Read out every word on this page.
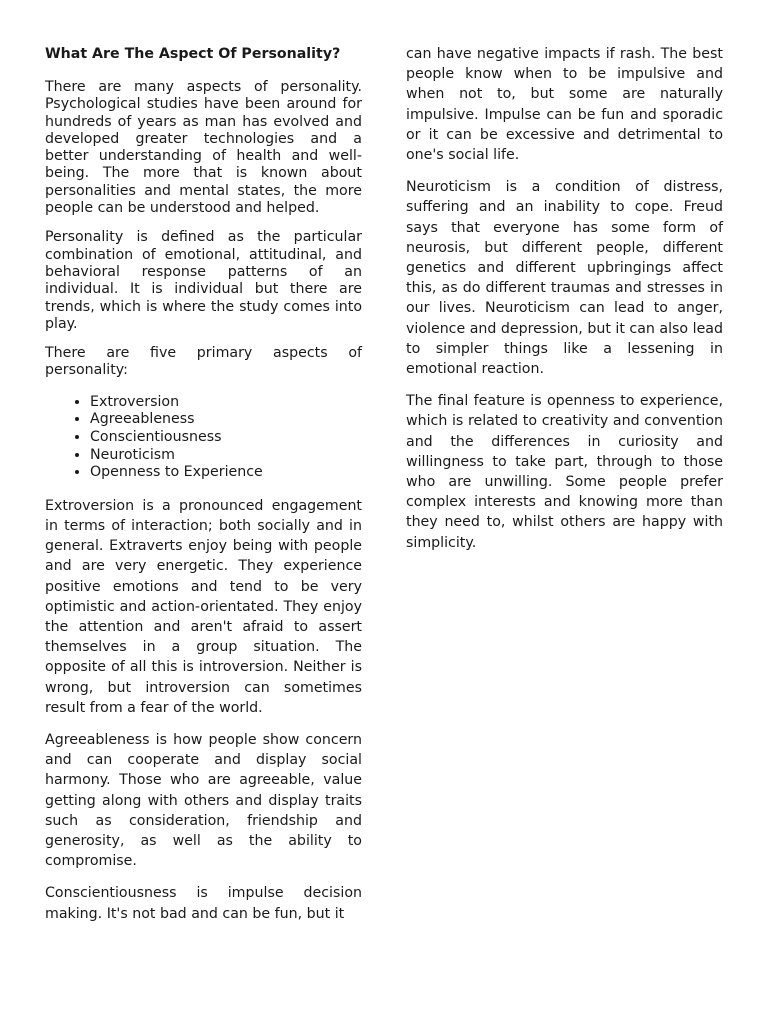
What Are The Aspect Of Personality?

There are many aspects of personality. Psychological studies have been around for hundreds of years as man has evolved and developed greater technologies and a better understanding of health and well-being. The more that is known about personalities and mental states, the more people can be understood and helped.

Personality is defined as the particular combination of emotional, attitudinal, and behavioral response patterns of an individual. It is individual but there are trends, which is where the study comes into play.

There are five primary aspects of personality:

• Extroversion
• Agreeableness
• Conscientiousness
• Neuroticism
• Openness to Experience

Extroversion is a pronounced engagement in terms of interaction; both socially and in general. Extraverts enjoy being with people and are very energetic. They experience positive emotions and tend to be very optimistic and action-orientated. They enjoy the attention and aren't afraid to assert themselves in a group situation. The opposite of all this is introversion. Neither is wrong, but introversion can sometimes result from a fear of the world.

Agreeableness is how people show concern and can cooperate and display social harmony. Those who are agreeable, value getting along with others and display traits such as consideration, friendship and generosity, as well as the ability to compromise.

Conscientiousness is impulse decision making. It's not bad and can be fun, but it

can have negative impacts if rash. The best people know when to be impulsive and when not to, but some are naturally impulsive. Impulse can be fun and sporadic or it can be excessive and detrimental to one's social life.

Neuroticism is a condition of distress, suffering and an inability to cope. Freud says that everyone has some form of neurosis, but different people, different genetics and different upbringings affect this, as do different traumas and stresses in our lives. Neuroticism can lead to anger, violence and depression, but it can also lead to simpler things like a lessening in emotional reaction.

The final feature is openness to experience, which is related to creativity and convention and the differences in curiosity and willingness to take part, through to those who are unwilling. Some people prefer complex interests and knowing more than they need to, whilst others are happy with simplicity.
